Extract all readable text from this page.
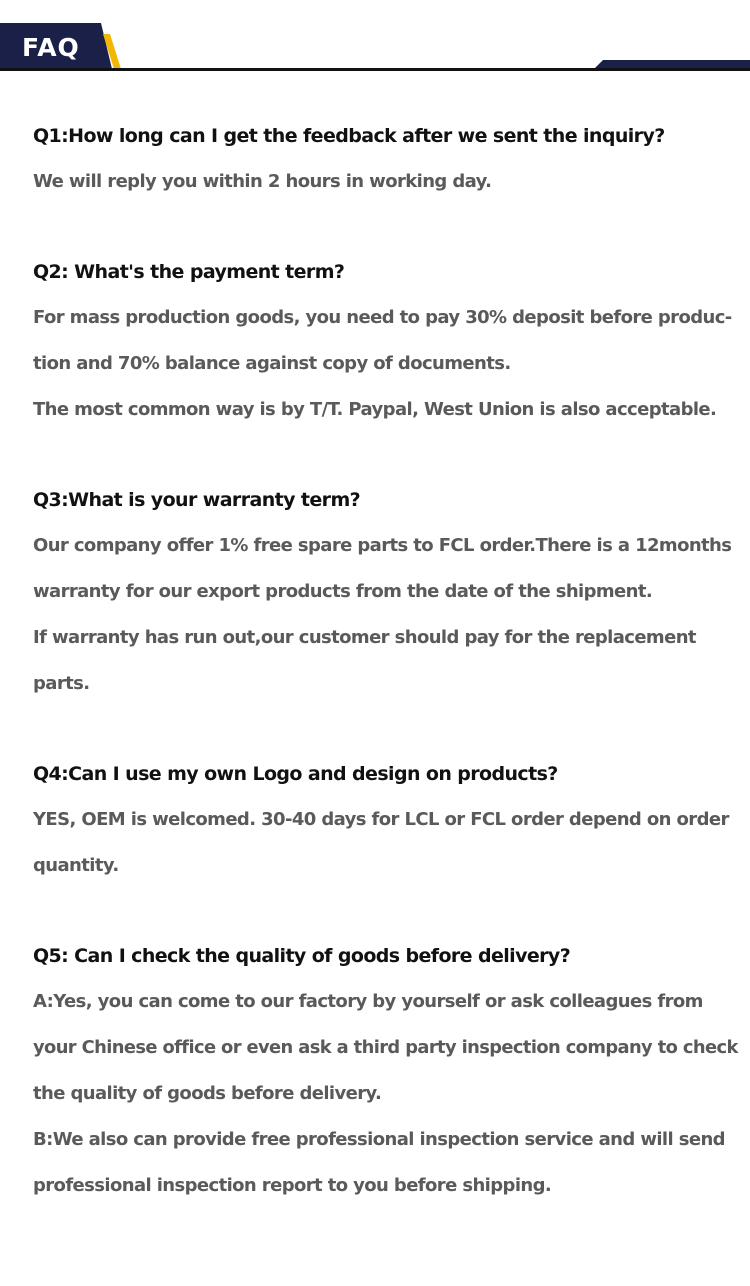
FAQ
Q1:How long can I get the feedback after we sent the inquiry?
We will reply you within 2 hours in working day.
Q2: What's the payment term?
For mass production goods, you need to pay 30% deposit before produc-
tion and 70% balance against copy of documents.
The most common way is by T/T. Paypal, West Union is also acceptable.
Q3:What is your warranty term?
Our company offer 1% free spare parts to FCL order.There is a 12months
warranty for our export products from the date of the shipment.
If warranty has run out,our customer should pay for the replacement
parts.
Q4:Can I use my own Logo and design on products?
YES, OEM is welcomed. 30-40 days for LCL or FCL order depend on order
quantity.
Q5: Can I check the quality of goods before delivery?
A:Yes, you can come to our factory by yourself or ask colleagues from
your Chinese office or even ask a third party inspection company to check
the quality of goods before delivery.
B:We also can provide free professional inspection service and will send
professional inspection report to you before shipping.
